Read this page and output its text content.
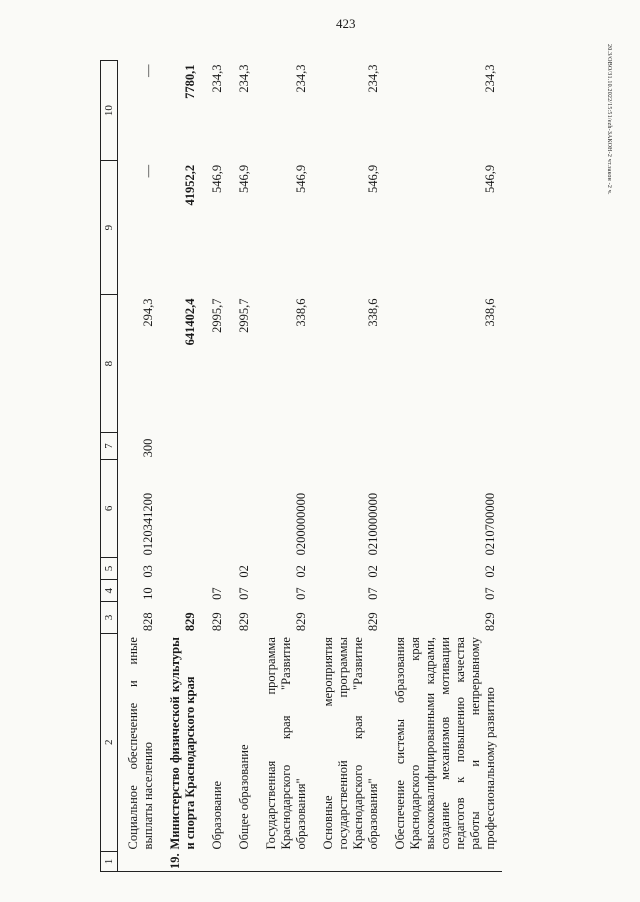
423
20.3/ОВО/31.10.2022/15:51/ezh-ЗАКОН-2 чт.закон -2 ч.
1	2	3	4	5	6	7	8	9	10
	Социальное обеспечение и иные выплаты населению	828	10	03	0120341200	300	294,3	—	—
19.	Министерство физической культуры и спорта Краснодарского края	829					641402,4	41952,2	7780,1
	Образование	829	07				2995,7	546,9	234,3
	Общее образование	829	07	02			2995,7	546,9	234,3
	Государственная программа Краснодарского края "Развитие образования"	829	07	02	0200000000		338,6	546,9	234,3
	Основные мероприятия государственной программы Краснодарского края "Развитие образования"	829	07	02	0210000000		338,6	546,9	234,3
	Обеспечение системы образования Краснодарского края высококвалифицированными кадрами, создание механизмов мотивации педагогов к повышению качества работы и непрерывному профессиональному развитию	829	07	02	0210700000		338,6	546,9	234,3
